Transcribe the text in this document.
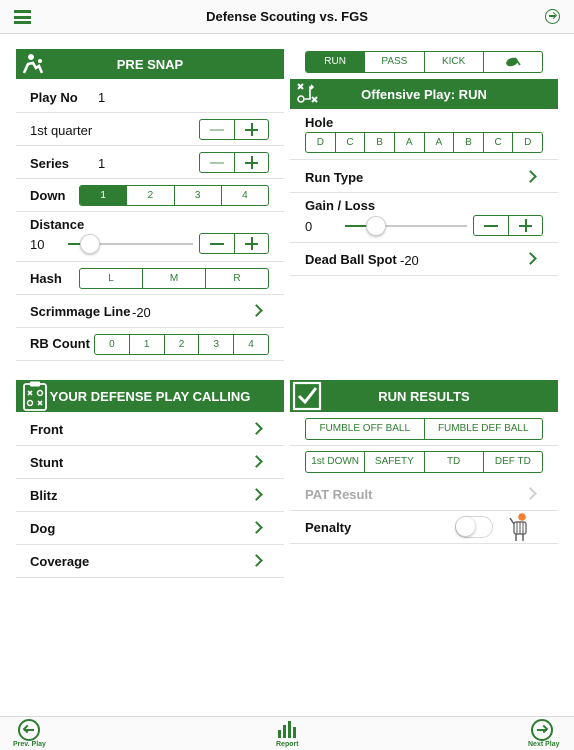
Defense Scouting vs. FGS
PRE SNAP
Play No 1
1st quarter
Series 1
Down	1	2	3	4
Distance
10
Hash	L	M	R
Scrimmage Line -20
RB Count	0	1	2	3	4
RUN	PASS	KICK
Offensive Play: RUN
Hole
D	C	B	A	A	B	C	D
Run Type
Gain / Loss
0
Dead Ball Spot -20
YOUR DEFENSE PLAY CALLING
Front
Stunt
Blitz
Dog
Coverage
RUN RESULTS
FUMBLE OFF BALL	FUMBLE DEF BALL
1st DOWN	SAFETY	TD	DEF TD
PAT Result
Penalty
Prev. Play	Report	Next Play
